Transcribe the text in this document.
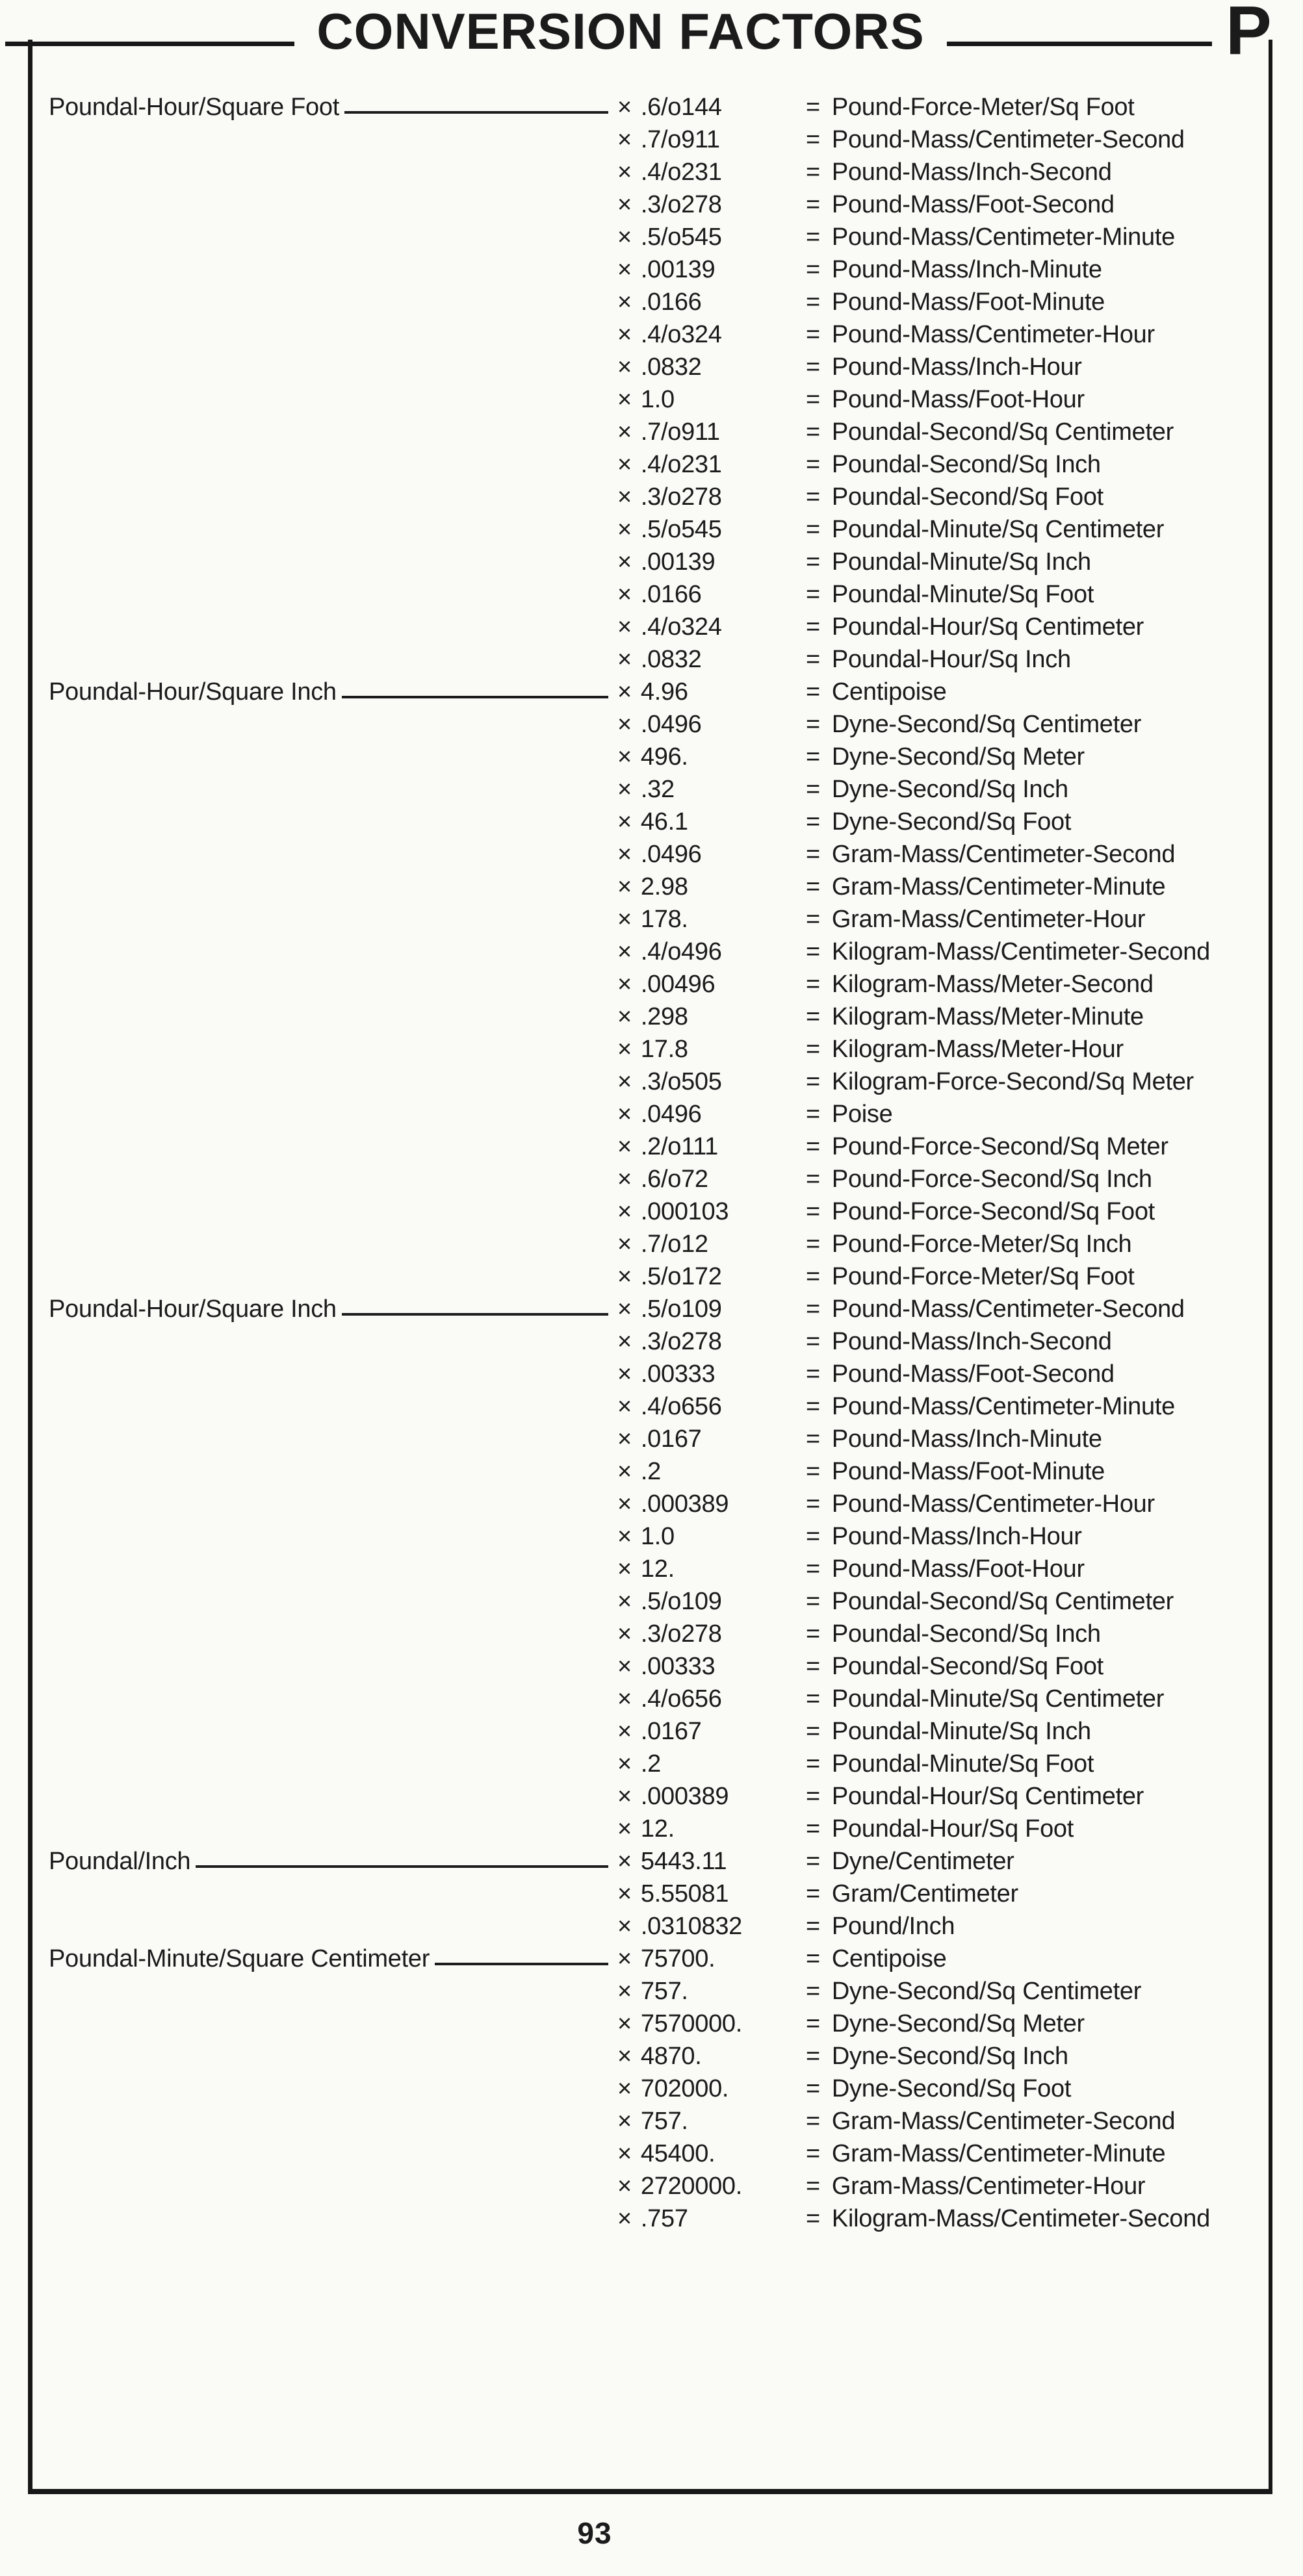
CONVERSION FACTORS	P
Poundal-Hour/Square Foot	× .6/o144	= Pound-Force-Meter/Sq Foot
× .7/o911	= Pound-Mass/Centimeter-Second
× .4/o231	= Pound-Mass/Inch-Second
× .3/o278	= Pound-Mass/Foot-Second
× .5/o545	= Pound-Mass/Centimeter-Minute
× .00139	= Pound-Mass/Inch-Minute
× .0166	= Pound-Mass/Foot-Minute
× .4/o324	= Pound-Mass/Centimeter-Hour
× .0832	= Pound-Mass/Inch-Hour
× 1.0	= Pound-Mass/Foot-Hour
× .7/o911	= Poundal-Second/Sq Centimeter
× .4/o231	= Poundal-Second/Sq Inch
× .3/o278	= Poundal-Second/Sq Foot
× .5/o545	= Poundal-Minute/Sq Centimeter
× .00139	= Poundal-Minute/Sq Inch
× .0166	= Poundal-Minute/Sq Foot
× .4/o324	= Poundal-Hour/Sq Centimeter
× .0832	= Poundal-Hour/Sq Inch
Poundal-Hour/Square Inch	× 4.96	= Centipoise
× .0496	= Dyne-Second/Sq Centimeter
× 496.	= Dyne-Second/Sq Meter
× .32	= Dyne-Second/Sq Inch
× 46.1	= Dyne-Second/Sq Foot
× .0496	= Gram-Mass/Centimeter-Second
× 2.98	= Gram-Mass/Centimeter-Minute
× 178.	= Gram-Mass/Centimeter-Hour
× .4/o496	= Kilogram-Mass/Centimeter-Second
× .00496	= Kilogram-Mass/Meter-Second
× .298	= Kilogram-Mass/Meter-Minute
× 17.8	= Kilogram-Mass/Meter-Hour
× .3/o505	= Kilogram-Force-Second/Sq Meter
× .0496	= Poise
× .2/o111	= Pound-Force-Second/Sq Meter
× .6/o72	= Pound-Force-Second/Sq Inch
× .000103	= Pound-Force-Second/Sq Foot
× .7/o12	= Pound-Force-Meter/Sq Inch
× .5/o172	= Pound-Force-Meter/Sq Foot
Poundal-Hour/Square Inch	× .5/o109	= Pound-Mass/Centimeter-Second
× .3/o278	= Pound-Mass/Inch-Second
× .00333	= Pound-Mass/Foot-Second
× .4/o656	= Pound-Mass/Centimeter-Minute
× .0167	= Pound-Mass/Inch-Minute
× .2	= Pound-Mass/Foot-Minute
× .000389	= Pound-Mass/Centimeter-Hour
× 1.0	= Pound-Mass/Inch-Hour
× 12.	= Pound-Mass/Foot-Hour
× .5/o109	= Poundal-Second/Sq Centimeter
× .3/o278	= Poundal-Second/Sq Inch
× .00333	= Poundal-Second/Sq Foot
× .4/o656	= Poundal-Minute/Sq Centimeter
× .0167	= Poundal-Minute/Sq Inch
× .2	= Poundal-Minute/Sq Foot
× .000389	= Poundal-Hour/Sq Centimeter
× 12.	= Poundal-Hour/Sq Foot
Poundal/Inch	× 5443.11	= Dyne/Centimeter
× 5.55081	= Gram/Centimeter
× .0310832	= Pound/Inch
Poundal-Minute/Square Centimeter	× 75700.	= Centipoise
× 757.	= Dyne-Second/Sq Centimeter
× 7570000.	= Dyne-Second/Sq Meter
× 4870.	= Dyne-Second/Sq Inch
× 702000.	= Dyne-Second/Sq Foot
× 757.	= Gram-Mass/Centimeter-Second
× 45400.	= Gram-Mass/Centimeter-Minute
× 2720000.	= Gram-Mass/Centimeter-Hour
× .757	= Kilogram-Mass/Centimeter-Second
93
